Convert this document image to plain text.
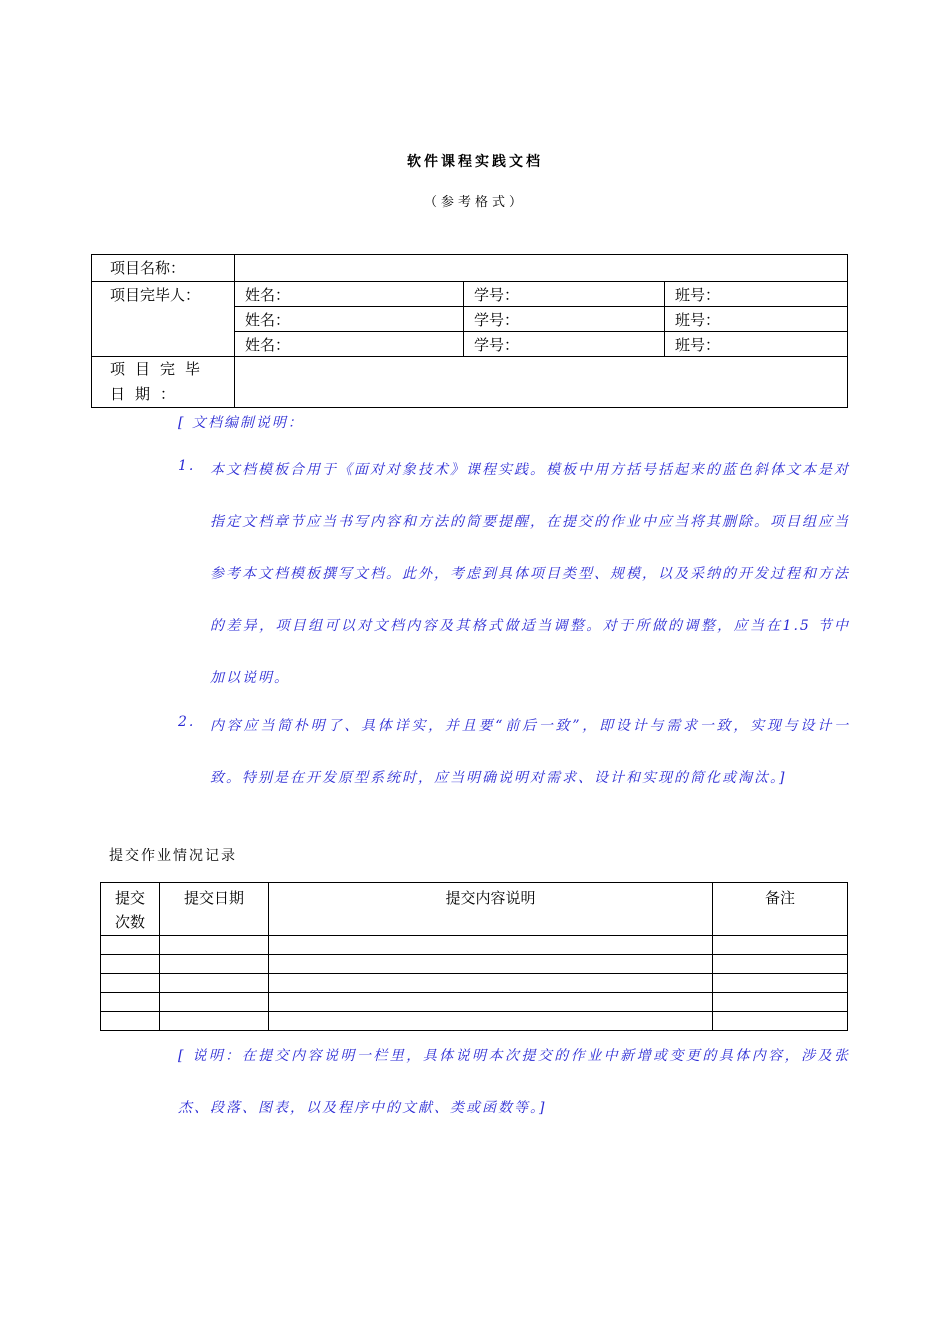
软件课程实践文档
（参考格式）
项目名称：			
项目完毕人：	姓名：	学号：	班号：
	姓名：	学号：	班号：
	姓名：	学号：	班号：
项目完毕日期：			
[ 文档编制说明：
1. 本文档模板合用于《面对对象技术》课程实践。模板中用方括号括起来的蓝色斜体文本是对指定文档章节应当书写内容和方法的简要提醒，在提交的作业中应当将其删除。项目组应当参考本文档模板撰写文档。此外，考虑到具体项目类型、规模，以及采纳的开发过程和方法的差异，项目组可以对文档内容及其格式做适当调整。对于所做的调整，应当在1.5 节中加以说明。
2. 内容应当简朴明了、具体详实，并且要“前后一致”，即设计与需求一致，实现与设计一致。特别是在开发原型系统时，应当明确说明对需求、设计和实现的简化或淘汰。]
提交作业情况记录
提交
次数	提交日期	提交内容说明	备注

[ 说明：在提交内容说明一栏里，具体说明本次提交的作业中新增或变更的具体内容，涉及张杰、段落、图表，以及程序中的文献、类或函数等。]
